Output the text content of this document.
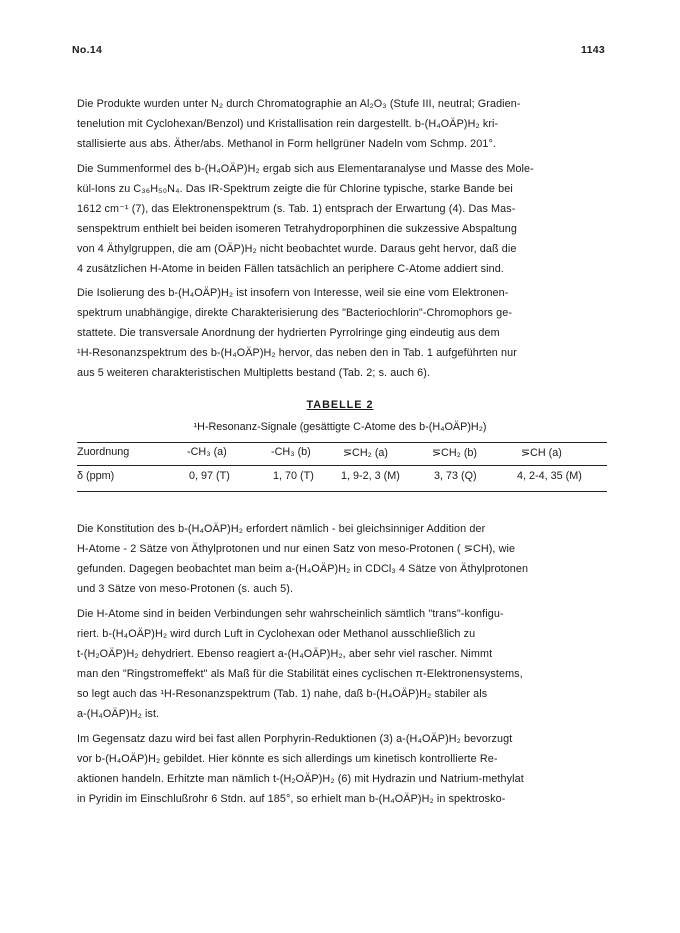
No.14	1143
Die Produkte wurden unter N₂ durch Chromatographie an Al₂O₃ (Stufe III, neutral; Gradien-
tenelution mit Cyclohexan/Benzol) und Kristallisation rein dargestellt. b-(H₄OÄP)H₂ kri-
stallisierte aus abs. Äther/abs. Methanol in Form hellgrüner Nadeln vom Schmp. 201°.
Die Summenformel des b-(H₄OÄP)H₂ ergab sich aus Elementaranalyse und Masse des Mole-
kül-Ions zu C₃₆H₅₀N₄. Das IR-Spektrum zeigte die für Chlorine typische, starke Bande bei
1612 cm⁻¹ (7), das Elektronenspektrum (s. Tab. 1) entsprach der Erwartung (4). Das Mas-
senspektrum enthielt bei beiden isomeren Tetrahydroporphinen die sukzessive Abspaltung
von 4 Äthylgruppen, die am (OÄP)H₂ nicht beobachtet wurde. Daraus geht hervor, daß die
4 zusätzlichen H-Atome in beiden Fällen tatsächlich an periphere C-Atome addiert sind.
Die Isolierung des b-(H₄OÄP)H₂ ist insofern von Interesse, weil sie eine vom Elektronen-
spektrum unabhängige, direkte Charakterisierung des "Bacteriochlorin"-Chromophors ge-
stattete. Die transversale Anordnung der hydrierten Pyrrolringe ging eindeutig aus dem
¹H-Resonanzspektrum des b-(H₄OÄP)H₂ hervor, das neben den in Tab. 1 aufgeführten nur
aus 5 weiteren charakteristischen Multipletts bestand (Tab. 2; s. auch 6).
TABELLE 2
¹H-Resonanz-Signale (gesättigte C-Atome des b-(H₄OÄP)H₂)
Zuordnung	-CH₃ (a)	-CH₃ (b)	⋝CH₂ (a)	⋝CH₂ (b)	⋝CH (a)
δ (ppm)	0, 97 (T)	1, 70 (T)	1, 9-2, 3 (M)	3, 73 (Q)	4, 2-4, 35 (M)
Die Konstitution des b-(H₄OÄP)H₂ erfordert nämlich - bei gleichsinniger Addition der
H-Atome - 2 Sätze von Äthylprotonen und nur einen Satz von meso-Protonen ( ⋝CH), wie
gefunden. Dagegen beobachtet man beim a-(H₄OÄP)H₂ in CDCl₃ 4 Sätze von Äthylprotonen
und 3 Sätze von meso-Protonen (s. auch 5).
Die H-Atome sind in beiden Verbindungen sehr wahrscheinlich sämtlich "trans"-konfigu-
riert. b-(H₄OÄP)H₂ wird durch Luft in Cyclohexan oder Methanol ausschließlich zu
t-(H₂OÄP)H₂ dehydriert. Ebenso reagiert a-(H₄OÄP)H₂, aber sehr viel rascher. Nimmt
man den "Ringstromeffekt" als Maß für die Stabilität eines cyclischen π-Elektronensystems,
so legt auch das ¹H-Resonanzspektrum (Tab. 1) nahe, daß b-(H₄OÄP)H₂ stabiler als
a-(H₄OÄP)H₂ ist.
Im Gegensatz dazu wird bei fast allen Porphyrin-Reduktionen (3) a-(H₄OÄP)H₂ bevorzugt
vor b-(H₄OÄP)H₂ gebildet. Hier könnte es sich allerdings um kinetisch kontrollierte Re-
aktionen handeln. Erhitzte man nämlich t-(H₂OÄP)H₂ (6) mit Hydrazin und Natrium-methylat
in Pyridin im Einschlußrohr 6 Stdn. auf 185°, so erhielt man b-(H₄OÄP)H₂ in spektrosko-
